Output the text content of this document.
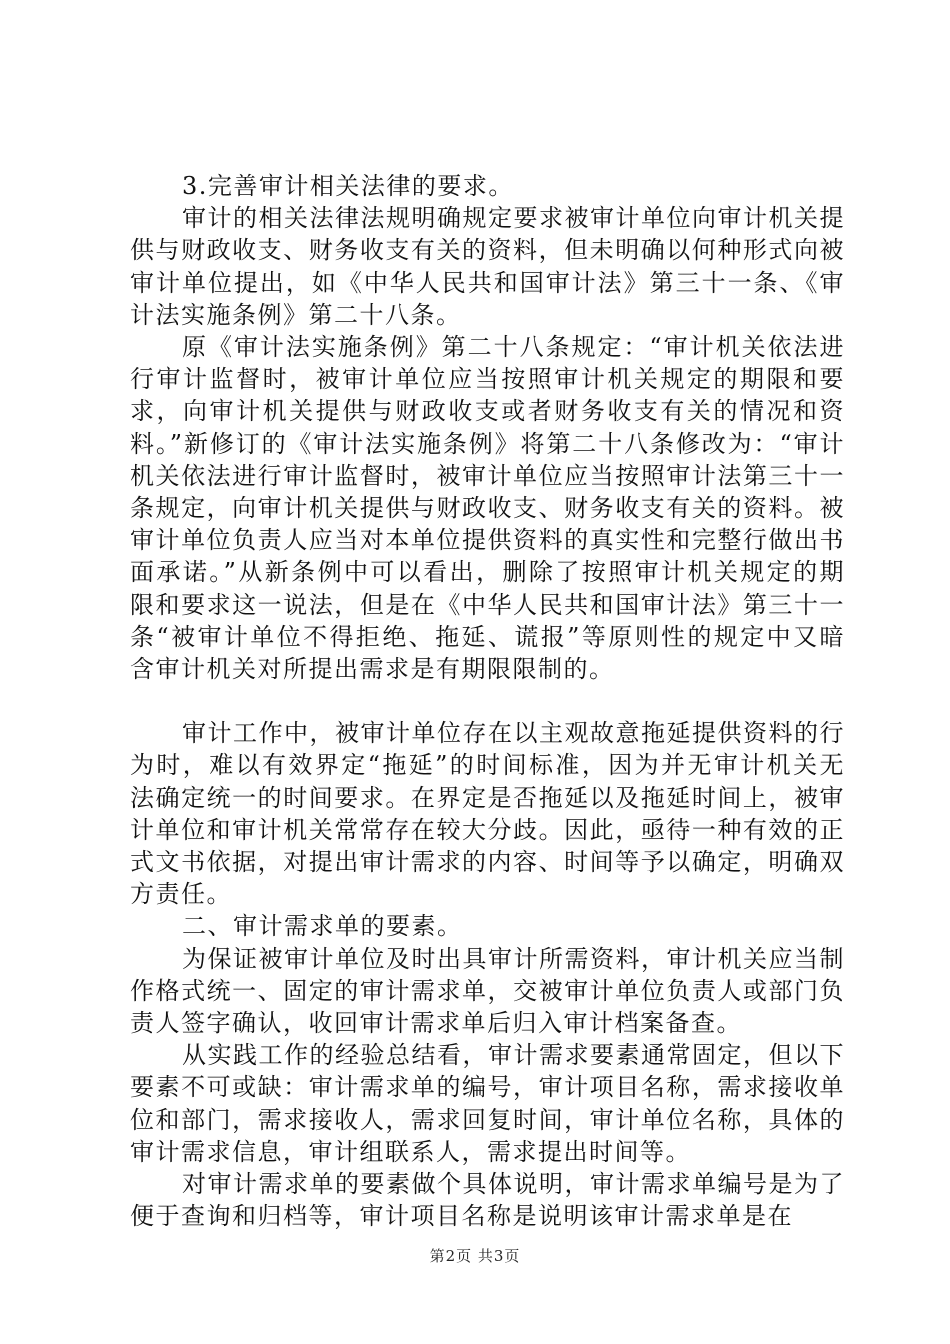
3.完善审计相关法律的要求。

审计的相关法律法规明确规定要求被审计单位向审计机关提供与财政收支、财务收支有关的资料，但未明确以何种形式向被审计单位提出，如《中华人民共和国审计法》第三十一条、《审计法实施条例》第二十八条。

原《审计法实施条例》第二十八条规定：“审计机关依法进行审计监督时，被审计单位应当按照审计机关规定的期限和要求，向审计机关提供与财政收支或者财务收支有关的情况和资料。”新修订的《审计法实施条例》将第二十八条修改为：“审计机关依法进行审计监督时，被审计单位应当按照审计法第三十一条规定，向审计机关提供与财政收支、财务收支有关的资料。被审计单位负责人应当对本单位提供资料的真实性和完整行做出书面承诺。”从新条例中可以看出，删除了按照审计机关规定的期限和要求这一说法，但是在《中华人民共和国审计法》第三十一条“被审计单位不得拒绝、拖延、谎报”等原则性的规定中又暗含审计机关对所提出需求是有期限限制的。

审计工作中，被审计单位存在以主观故意拖延提供资料的行为时，难以有效界定“拖延”的时间标准，因为并无审计机关无法确定统一的时间要求。在界定是否拖延以及拖延时间上，被审计单位和审计机关常常存在较大分歧。因此，亟待一种有效的正式文书依据，对提出审计需求的内容、时间等予以确定，明确双方责任。

二、审计需求单的要素。

为保证被审计单位及时出具审计所需资料，审计机关应当制作格式统一、固定的审计需求单，交被审计单位负责人或部门负责人签字确认，收回审计需求单后归入审计档案备查。

从实践工作的经验总结看，审计需求要素通常固定，但以下要素不可或缺：审计需求单的编号，审计项目名称，需求接收单位和部门，需求接收人，需求回复时间，审计单位名称，具体的审计需求信息，审计组联系人，需求提出时间等。

对审计需求单的要素做个具体说明，审计需求单编号是为了便于查询和归档等，审计项目名称是说明该审计需求单是在

第2页 共3页
